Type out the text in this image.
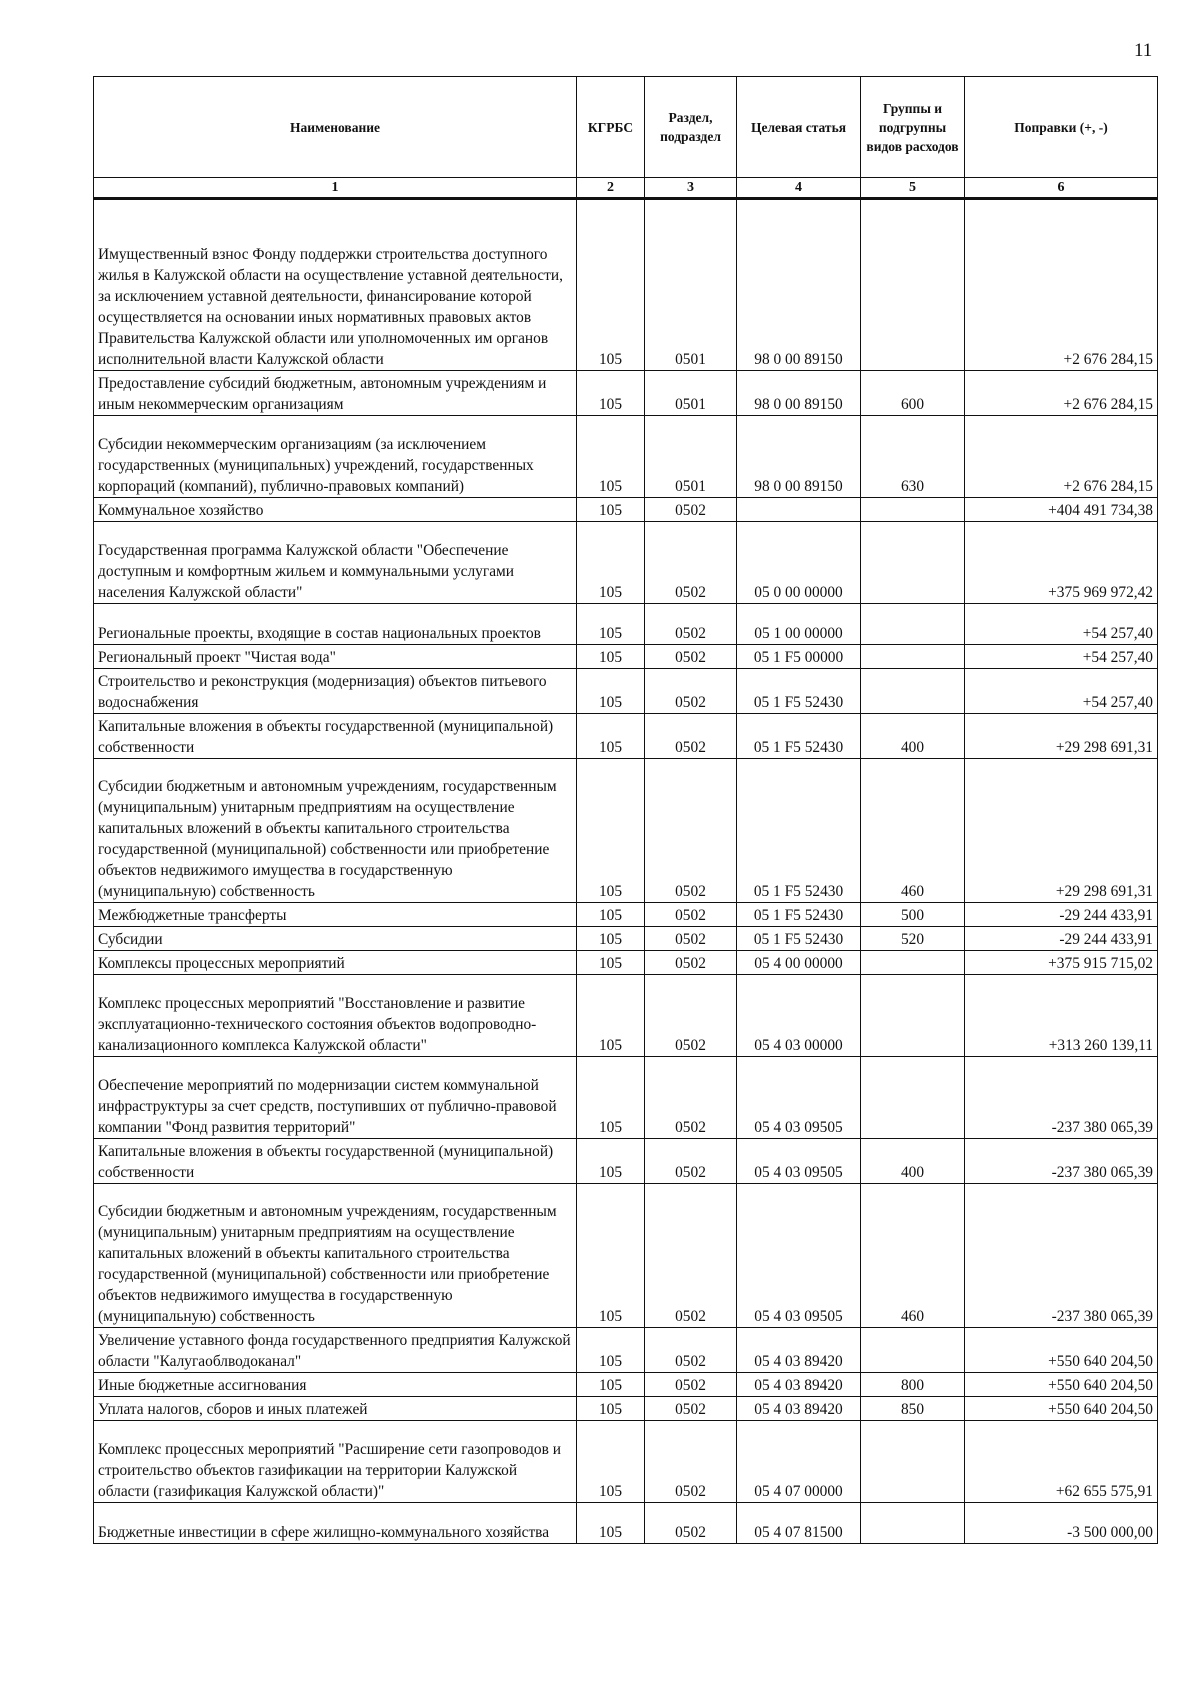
11
Наименование	КГРБС	Раздел, подраздел	Целевая статья	Группы и подгрупны видов расходов	Поправки (+, -)
1	2	3	4	5	6
Имущественный взнос Фонду поддержки строительства доступного жилья в Калужской области на осуществление уставной деятельности, за исключением уставной деятельности, финансирование которой осуществляется на основании иных нормативных правовых актов Правительства Калужской области или уполномоченных им органов исполнительной власти Калужской области	105	0501	98 0 00 89150		+2 676 284,15
Предоставление субсидий бюджетным, автономным учреждениям и иным некоммерческим организациям	105	0501	98 0 00 89150	600	+2 676 284,15
Субсидии некоммерческим организациям (за исключением государственных (муниципальных) учреждений, государственных корпораций (компаний), публично-правовых компаний)	105	0501	98 0 00 89150	630	+2 676 284,15
Коммунальное хозяйство	105	0502			+404 491 734,38
Государственная программа Калужской области "Обеспечение доступным и комфортным жильем и коммунальными услугами населения Калужской области"	105	0502	05 0 00 00000		+375 969 972,42
Региональные проекты, входящие в состав национальных проектов	105	0502	05 1 00 00000		+54 257,40
Региональный проект "Чистая вода"	105	0502	05 1 F5 00000		+54 257,40
Строительство и реконструкция (модернизация) объектов питьевого водоснабжения	105	0502	05 1 F5 52430		+54 257,40
Капитальные вложения в объекты государственной (муниципальной) собственности	105	0502	05 1 F5 52430	400	+29 298 691,31
Субсидии бюджетным и автономным учреждениям, государственным (муниципальным) унитарным предприятиям на осуществление капитальных вложений в объекты капитального строительства государственной (муниципальной) собственности или приобретение объектов недвижимого имущества в государственную (муниципальную) собственность	105	0502	05 1 F5 52430	460	+29 298 691,31
Межбюджетные трансферты	105	0502	05 1 F5 52430	500	-29 244 433,91
Субсидии	105	0502	05 1 F5 52430	520	-29 244 433,91
Комплексы процессных мероприятий	105	0502	05 4 00 00000		+375 915 715,02
Комплекс процессных мероприятий "Восстановление и развитие эксплуатационно-технического состояния объектов водопроводно-канализационного комплекса Калужской области"	105	0502	05 4 03 00000		+313 260 139,11
Обеспечение мероприятий по модернизации систем коммунальной инфраструктуры за счет средств, поступивших от публично-правовой компании "Фонд развития территорий"	105	0502	05 4 03 09505		-237 380 065,39
Капитальные вложения в объекты государственной (муниципальной) собственности	105	0502	05 4 03 09505	400	-237 380 065,39
Субсидии бюджетным и автономным учреждениям, государственным (муниципальным) унитарным предприятиям на осуществление капитальных вложений в объекты капитального строительства государственной (муниципальной) собственности или приобретение объектов недвижимого имущества в государственную (муниципальную) собственность	105	0502	05 4 03 09505	460	-237 380 065,39
Увеличение уставного фонда государственного предприятия Калужской области "Калугаоблводоканал"	105	0502	05 4 03 89420		+550 640 204,50
Иные бюджетные ассигнования	105	0502	05 4 03 89420	800	+550 640 204,50
Уплата налогов, сборов и иных платежей	105	0502	05 4 03 89420	850	+550 640 204,50
Комплекс процессных мероприятий "Расширение сети газопроводов и строительство объектов газификации на территории Калужской области (газификация Калужской области)"	105	0502	05 4 07 00000		+62 655 575,91
Бюджетные инвестиции в сфере жилищно-коммунального хозяйства	105	0502	05 4 07 81500		-3 500 000,00
